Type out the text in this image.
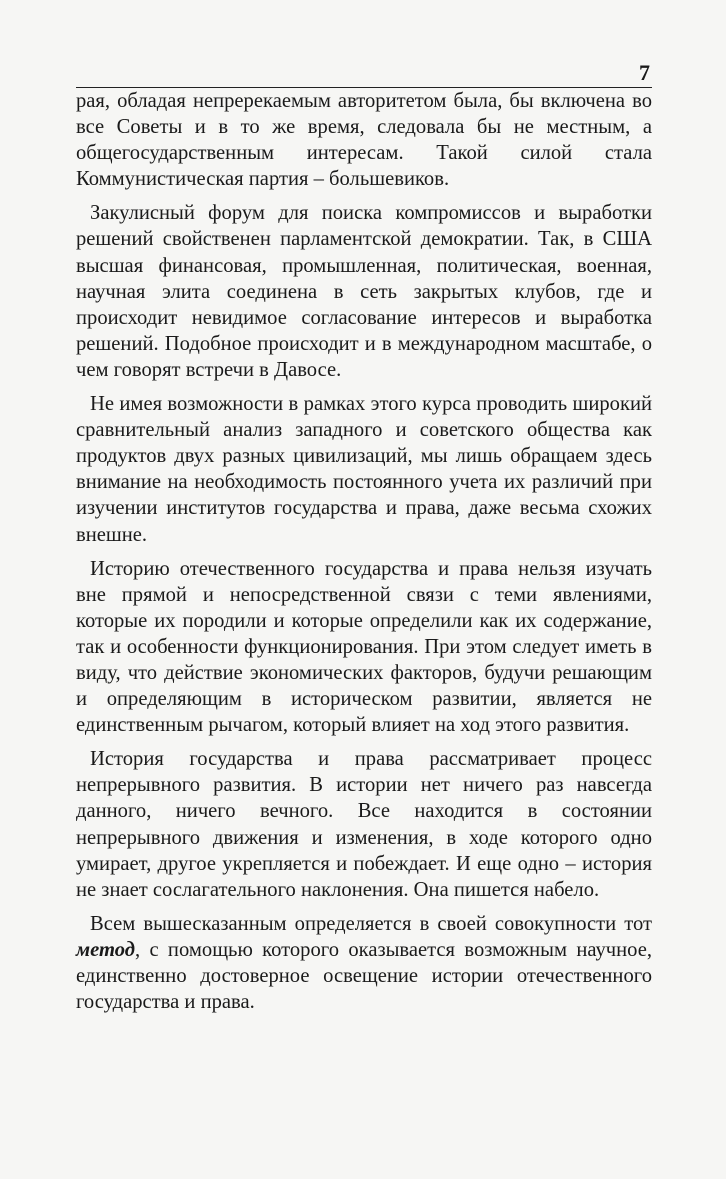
7

рая, обладая непререкаемым авторитетом была, бы включена во все Советы и в то же время, следовала бы не местным, а общегосударственным интересам. Такой силой стала Коммунистическая партия – большевиков.

Закулисный форум для поиска компромиссов и выработки решений свойственен парламентской демократии. Так, в США высшая финансовая, промышленная, политическая, военная, научная элита соединена в сеть закрытых клубов, где и происходит невидимое согласование интересов и выработка решений. Подобное происходит и в международном масштабе, о чем говорят встречи в Давосе.

Не имея возможности в рамках этого курса проводить широкий сравнительный анализ западного и советского общества как продуктов двух разных цивилизаций, мы лишь обращаем здесь внимание на необходимость постоянного учета их различий при изучении институтов государства и права, даже весьма схожих внешне.

Историю отечественного государства и права нельзя изучать вне прямой и непосредственной связи с теми явлениями, которые их породили и которые определили как их содержание, так и особенности функционирования. При этом следует иметь в виду, что действие экономических факторов, будучи решающим и определяющим в историческом развитии, является не единственным рычагом, который влияет на ход этого развития.

История государства и права рассматривает процесс непрерывного развития. В истории нет ничего раз навсегда данного, ничего вечного. Все находится в состоянии непрерывного движения и изменения, в ходе которого одно умирает, другое укрепляется и побеждает. И еще одно – история не знает сослагательного наклонения. Она пишется набело.

Всем вышесказанным определяется в своей совокупности тот метод, с помощью которого оказывается возможным научное, единственно достоверное освещение истории отечественного государства и права.
